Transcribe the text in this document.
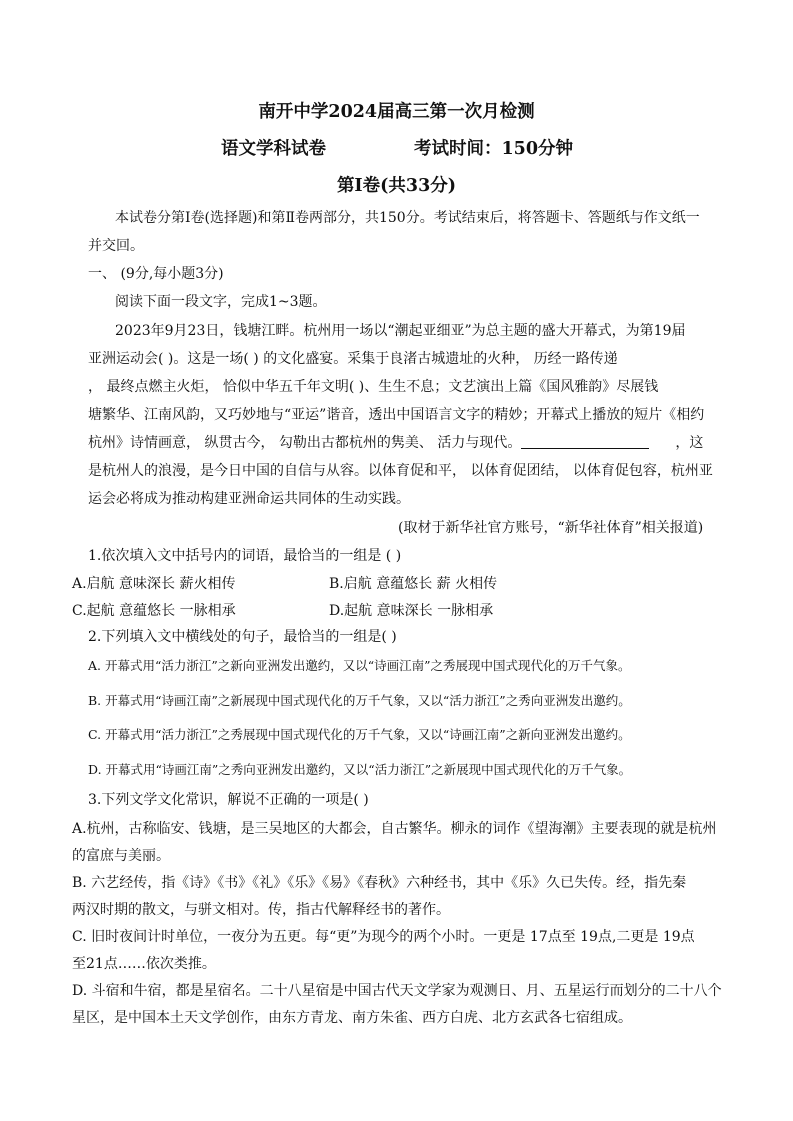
南开中学2024届高三第一次月检测
语文学科试卷	考试时间：150分钟
第Ⅰ卷(共33分)
本试卷分第Ⅰ卷(选择题)和第Ⅱ卷两部分，共150分。考试结束后，将答题卡、答题纸与作文纸一
并交回。
一、 (9分,每小题3分)
阅读下面一段文字，完成1~3题。
2023年9月23日，钱塘江畔。杭州用一场以“潮起亚细亚”为总主题的盛大开幕式，为第19届
亚洲运动会( )。这是一场( ) 的文化盛宴。采集于良渚古城遗址的火种， 历经一路传递
， 最终点燃主火炬， 恰似中华五千年文明( )、生生不息；文艺演出上篇《国风雅韵》尽展钱
塘繁华、江南风韵，又巧妙地与“亚运”谐音，透出中国语言文字的精妙；开幕式上播放的短片《相约
杭州》诗情画意， 纵贯古今， 勾勒出古都杭州的隽美、 活力与现代。	，这
是杭州人的浪漫，是今日中国的自信与从容。以体育促和平， 以体育促团结， 以体育促包容，杭州亚
运会必将成为推动构建亚洲命运共同体的生动实践。
(取材于新华社官方账号，“新华社体育”相关报道)
1.依次填入文中括号内的词语，最恰当的一组是 ( )
A.启航 意味深长 薪火相传	B.启航 意蕴悠长 薪 火相传
C.起航 意蕴悠长 一脉相承	D.起航 意味深长 一脉相承
2.下列填入文中横线处的句子，最恰当的一组是( )
A. 开幕式用“活力浙江”之新向亚洲发出邀约，又以“诗画江南”之秀展现中国式现代化的万千气象。
B. 开幕式用“诗画江南”之新展现中国式现代化的万千气象，又以“活力浙江”之秀向亚洲发出邀约。
C. 开幕式用“活力浙江”之秀展现中国式现代化的万千气象，又以“诗画江南”之新向亚洲发出邀约。
D. 开幕式用“诗画江南”之秀向亚洲发出邀约，又以“活力浙江”之新展现中国式现代化的万千气象。
3.下列文学文化常识，解说不正确的一项是( )
A.杭州，古称临安、钱塘，是三吴地区的大都会，自古繁华。柳永的词作《望海潮》主要表现的就是杭州
的富庶与美丽。
B. 六艺经传，指《诗》《书》《礼》《乐》《易》《春秋》六种经书，其中《乐》久已失传。经，指先秦
两汉时期的散文，与骈文相对。传，指古代解释经书的著作。
C. 旧时夜间计时单位，一夜分为五更。每“更”为现今的两个小时。一更是 17点至 19点,二更是 19点
至21点……依次类推。
D. 斗宿和牛宿，都是星宿名。二十八星宿是中国古代天文学家为观测日、月、五星运行而划分的二十八个
星区，是中国本土天文学创作，由东方青龙、南方朱雀、西方白虎、北方玄武各七宿组成。
